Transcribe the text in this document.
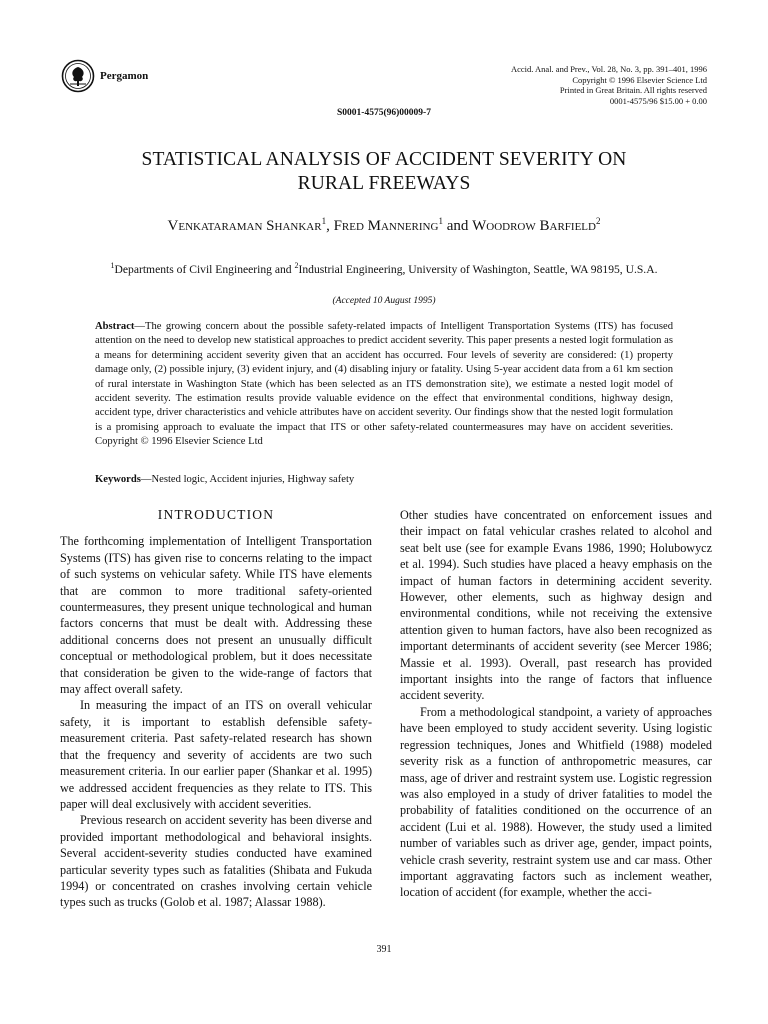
Pergamon
Accid. Anal. and Prev., Vol. 28, No. 3, pp. 391–401, 1996
Copyright © 1996 Elsevier Science Ltd
Printed in Great Britain. All rights reserved
0001-4575/96 $15.00 + 0.00
S0001-4575(96)00009-7
STATISTICAL ANALYSIS OF ACCIDENT SEVERITY ON
RURAL FREEWAYS
Venkataraman Shankar$^1$, Fred Mannering$^1$ and Woodrow Barfield$^2$
$^1$Departments of Civil Engineering and $^2$Industrial Engineering, University of Washington, Seattle, WA 98195, U.S.A.
(Accepted 10 August 1995)
Abstract—The growing concern about the possible safety-related impacts of Intelligent Transportation Systems (ITS) has focused attention on the need to develop new statistical approaches to predict accident severity. This paper presents a nested logit formulation as a means for determining accident severity given that an accident has occurred. Four levels of severity are considered: (1) property damage only, (2) possible injury, (3) evident injury, and (4) disabling injury or fatality. Using 5-year accident data from a 61 km section of rural interstate in Washington State (which has been selected as an ITS demonstration site), we estimate a nested logit model of accident severity. The estimation results provide valuable evidence on the effect that environmental conditions, highway design, accident type, driver characteristics and vehicle attributes have on accident severity. Our findings show that the nested logit formulation is a promising approach to evaluate the impact that ITS or other safety-related countermeasures may have on accident severities. Copyright © 1996 Elsevier Science Ltd
Keywords—Nested logic, Accident injuries, Highway safety
INTRODUCTION

The forthcoming implementation of Intelligent Transportation Systems (ITS) has given rise to concerns relating to the impact of such systems on vehicular safety. While ITS have elements that are common to more traditional safety-oriented countermeasures, they present unique technological and human factors concerns that must be dealt with. Addressing these additional concerns does not present an unusually difficult conceptual or methodological problem, but it does necessitate that consideration be given to the wide-range of factors that may affect overall safety.

In measuring the impact of an ITS on overall vehicular safety, it is important to establish defensible safety-measurement criteria. Past safety-related research has shown that the frequency and severity of accidents are two such measurement criteria. In our earlier paper (Shankar et al. 1995) we addressed accident frequencies as they relate to ITS. This paper will deal exclusively with accident severities.

Previous research on accident severity has been diverse and provided important methodological and behavioral insights. Several accident-severity studies conducted have examined particular severity types such as fatalities (Shibata and Fukuda 1994) or concentrated on crashes involving certain vehicle types such as trucks (Golob et al. 1987; Alassar 1988).

Other studies have concentrated on enforcement issues and their impact on fatal vehicular crashes related to alcohol and seat belt use (see for example Evans 1986, 1990; Holubowycz et al. 1994). Such studies have placed a heavy emphasis on the impact of human factors in determining accident severity. However, other elements, such as highway design and environmental conditions, while not receiving the extensive attention given to human factors, have also been recognized as important determinants of accident severity (see Mercer 1986; Massie et al. 1993). Overall, past research has provided important insights into the range of factors that influence accident severity.

From a methodological standpoint, a variety of approaches have been employed to study accident severity. Using logistic regression techniques, Jones and Whitfield (1988) modeled severity risk as a function of anthropometric measures, car mass, age of driver and restraint system use. Logistic regression was also employed in a study of driver fatalities to model the probability of fatalities conditioned on the occurrence of an accident (Lui et al. 1988). However, the study used a limited number of variables such as driver age, gender, impact points, vehicle crash severity, restraint system use and car mass. Other important aggravating factors such as inclement weather, location of accident (for example, whether the acci-

391
